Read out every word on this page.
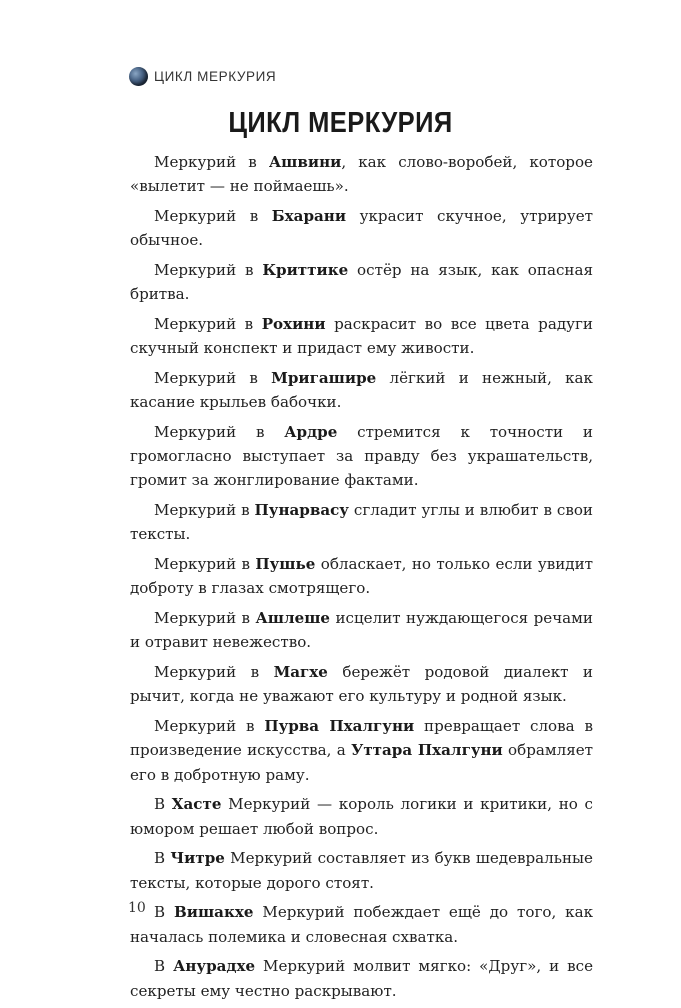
ЦИКЛ МЕРКУРИЯ
ЦИКЛ МЕРКУРИЯ

Меркурий в Ашвини, как слово-воробей, которое «вылетит — не поймаешь».

Меркурий в Бхарани украсит скучное, утрирует обычное.

Меркурий в Криттике остёр на язык, как опасная бритва.

Меркурий в Рохини раскрасит во все цвета радуги скучный конспект и придаст ему живости.

Меркурий в Мригашире лёгкий и нежный, как касание крыльев бабочки.

Меркурий в Ардре стремится к точности и громогласно выступает за правду без украшательств, громит за жонглирование фактами.

Меркурий в Пунарвасу сгладит углы и влюбит в свои тексты.

Меркурий в Пушье обласкает, но только если увидит доброту в глазах смотрящего.

Меркурий в Ашлеше исцелит нуждающегося речами и отравит невежество.

Меркурий в Магхе бережёт родовой диалект и рычит, когда не уважают его культуру и родной язык.

Меркурий в Пурва Пхалгуни превращает слова в произведение искусства, а Уттара Пхалгуни обрамляет его в добротную раму.

В Хасте Меркурий — король логики и критики, но с юмором решает любой вопрос.

В Читре Меркурий составляет из букв шедевральные тексты, которые дорого стоят.

В Вишакхе Меркурий побеждает ещё до того, как началась полемика и словесная схватка.

В Анурадхе Меркурий молвит мягко: «Друг», и все секреты ему честно раскрывают.

10
